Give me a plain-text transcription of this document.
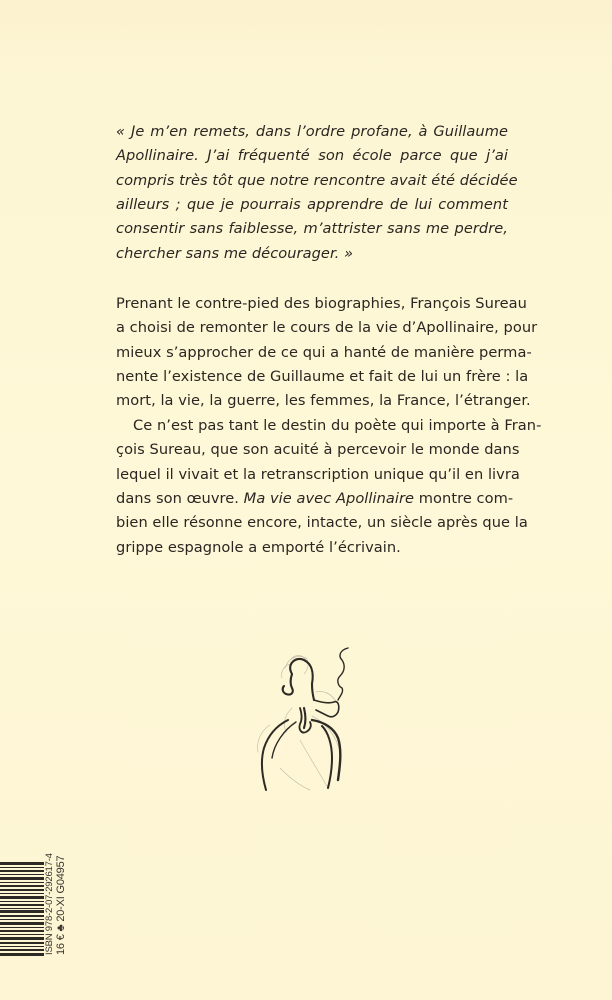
« Je m’en remets, dans l’ordre profane, à Guillaume
Apollinaire. J’ai fréquenté son école parce que j’ai
compris très tôt que notre rencontre avait été décidée
ailleurs ; que je pourrais apprendre de lui comment
consentir sans faiblesse, m’attrister sans me perdre,
chercher sans me décourager. »
Prenant le contre-pied des biographies, François Sureau
a choisi de remonter le cours de la vie d’Apollinaire, pour
mieux s’approcher de ce qui a hanté de manière perma-
nente l’existence de Guillaume et fait de lui un frère : la
mort, la vie, la guerre, les femmes, la France, l’étranger.
Ce n’est pas tant le destin du poète qui importe à Fran-
çois Sureau, que son acuité à percevoir le monde dans
lequel il vivait et la retranscription unique qu’il en livra
dans son œuvre. Ma vie avec Apollinaire montre com-
bien elle résonne encore, intacte, un siècle après que la
grippe espagnole a emporté l’écrivain.
ISBN 978-2-07-292617-4 16 € ♣ 20-XI G04957
